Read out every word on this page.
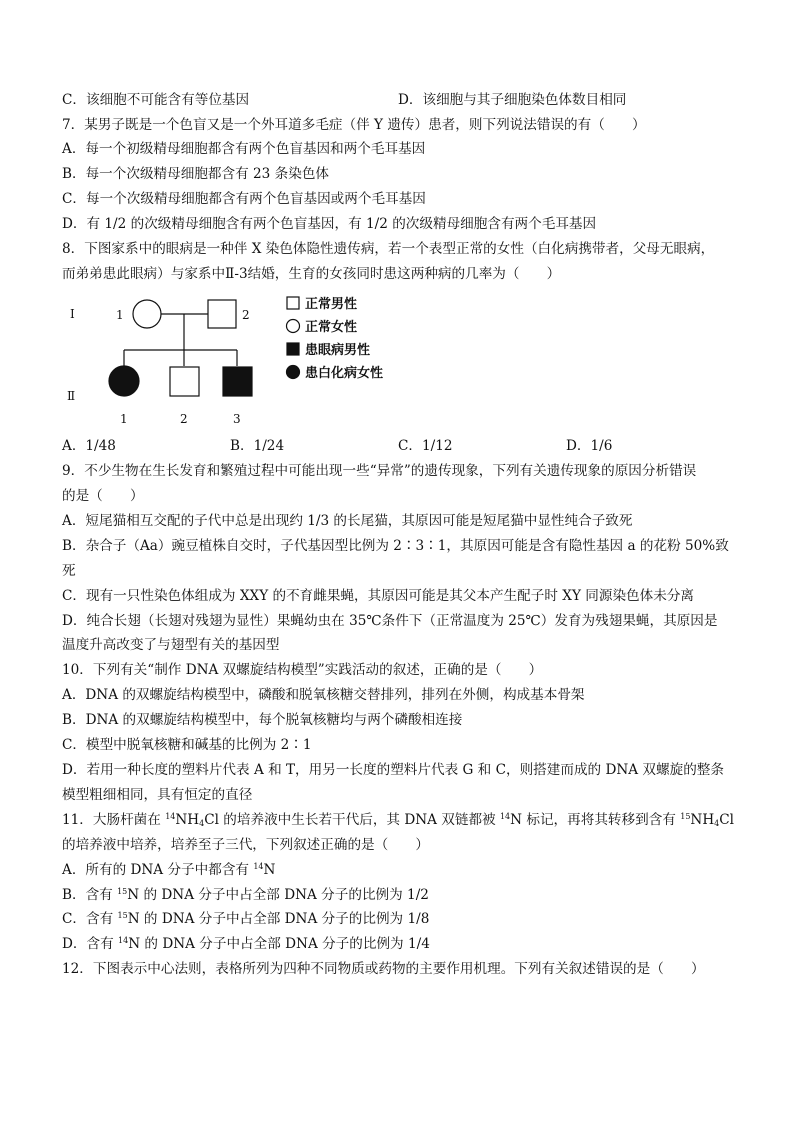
C．该细胞不可能含有等位基因	D．该细胞与其子细胞染色体数目相同
7．某男子既是一个色盲又是一个外耳道多毛症（伴 Y 遗传）患者，则下列说法错误的有（　　）
A．每一个初级精母细胞都含有两个色盲基因和两个毛耳基因
B．每一个次级精母细胞都含有 23 条染色体
C．每一个次级精母细胞都含有两个色盲基因或两个毛耳基因
D．有 1/2 的次级精母细胞含有两个色盲基因，有 1/2 的次级精母细胞含有两个毛耳基因
8．下图家系中的眼病是一种伴 X 染色体隐性遗传病，若一个表型正常的女性（白化病携带者，父母无眼病，
而弟弟患此眼病）与家系中Ⅱ-3结婚，生育的女孩同时患这两种病的几率为（　　）
I
Ⅱ
1	2
1	2	3
正常男性
正常女性
患眼病男性
患白化病女性
A．1/48	B．1/24	C．1/12	D．1/6
9．不少生物在生长发育和繁殖过程中可能出现一些“异常”的遗传现象，下列有关遗传现象的原因分析错误
的是（　　）
A．短尾猫相互交配的子代中总是出现约 1/3 的长尾猫，其原因可能是短尾猫中显性纯合子致死
B．杂合子（Aa）豌豆植株自交时，子代基因型比例为 2∶3∶1，其原因可能是含有隐性基因 a 的花粉 50%致
死
C．现有一只性染色体组成为 XXY 的不育雌果蝇，其原因可能是其父本产生配子时 XY 同源染色体未分离
D．纯合长翅（长翅对残翅为显性）果蝇幼虫在 35℃条件下（正常温度为 25℃）发育为残翅果蝇，其原因是
温度升高改变了与翅型有关的基因型
10．下列有关“制作 DNA 双螺旋结构模型”实践活动的叙述，正确的是（　　）
A．DNA 的双螺旋结构模型中，磷酸和脱氧核糖交替排列，排列在外侧，构成基本骨架
B．DNA 的双螺旋结构模型中，每个脱氧核糖均与两个磷酸相连接
C．模型中脱氧核糖和碱基的比例为 2∶1
D．若用一种长度的塑料片代表 A 和 T，用另一长度的塑料片代表 G 和 C，则搭建而成的 DNA 双螺旋的整条
模型粗细相同，具有恒定的直径
11．大肠杆菌在 $^{14}NH_4Cl$ 的培养液中生长若干代后，其 DNA 双链都被 $^{14}$N 标记，再将其转移到含有 $^{15}NH_4Cl$
的培养液中培养，培养至子三代，下列叙述正确的是（　　）
A．所有的 DNA 分子中都含有 $^{14}$N
B．含有 $^{15}$N 的 DNA 分子中占全部 DNA 分子的比例为 1/2
C．含有 $^{15}$N 的 DNA 分子中占全部 DNA 分子的比例为 1/8
D．含有 $^{14}$N 的 DNA 分子中占全部 DNA 分子的比例为 1/4
12．下图表示中心法则，表格所列为四种不同物质或药物的主要作用机理。下列有关叙述错误的是（　　）
